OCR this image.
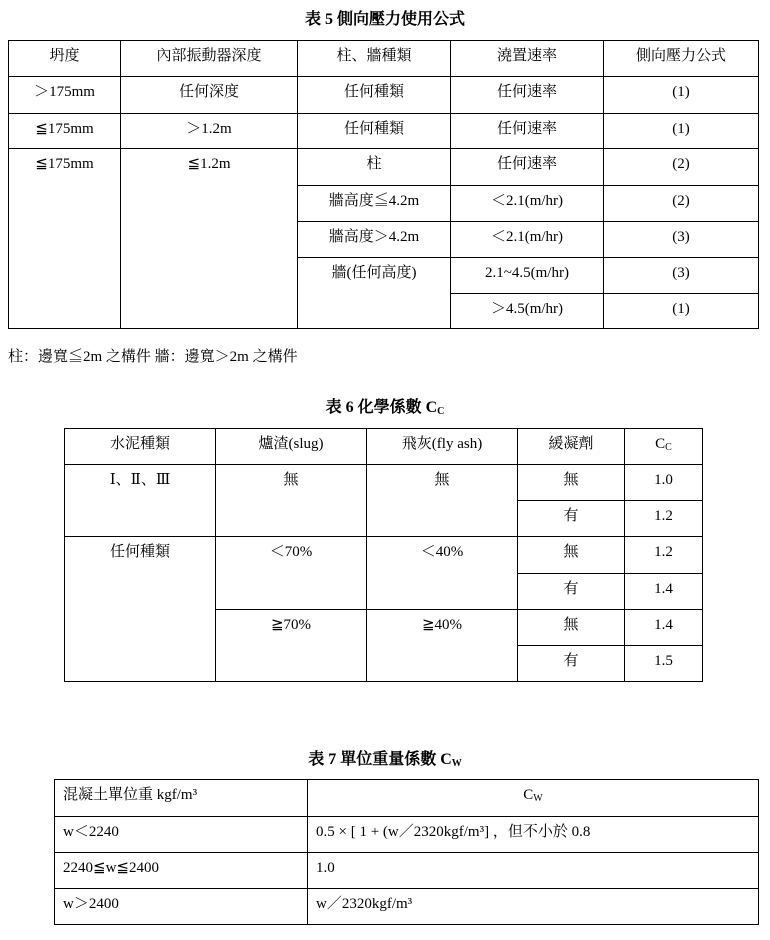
表 5 側向壓力使用公式
坍度	內部振動器深度	柱、牆種類	澆置速率	側向壓力公式
＞175mm	任何深度	任何種類	任何速率	(1)
≦175mm	＞1.2m	任何種類	任何速率	(1)
≦175mm	≦1.2m	柱	任何速率	(2)
		牆高度≦4.2m	＜2.1(m/hr)	(2)
		牆高度＞4.2m	＜2.1(m/hr)	(3)
		牆(任何高度)	2.1~4.5(m/hr)	(3)
			＞4.5(m/hr)	(1)
柱：邊寬≦2m 之構件 牆：邊寬＞2m 之構件
表 6 化學係數 $C_C$
水泥種類	爐渣(slug)	飛灰(fly ash)	緩凝劑	$C_C$
Ⅰ、Ⅱ、Ⅲ	無	無	無	1.0
			有	1.2
任何種類	＜70%	＜40%	無	1.2
			有	1.4
	≧70%	≧40%	無	1.4
			有	1.5
表 7 單位重量係數 $C_W$
混凝土單位重 kgf/m³	$C_W$
w＜2240	0.5 × [ 1 + (w／2320kgf/m³] ，但不小於 0.8
2240≦w≦2400	1.0
w＞2400	w／2320kgf/m³
